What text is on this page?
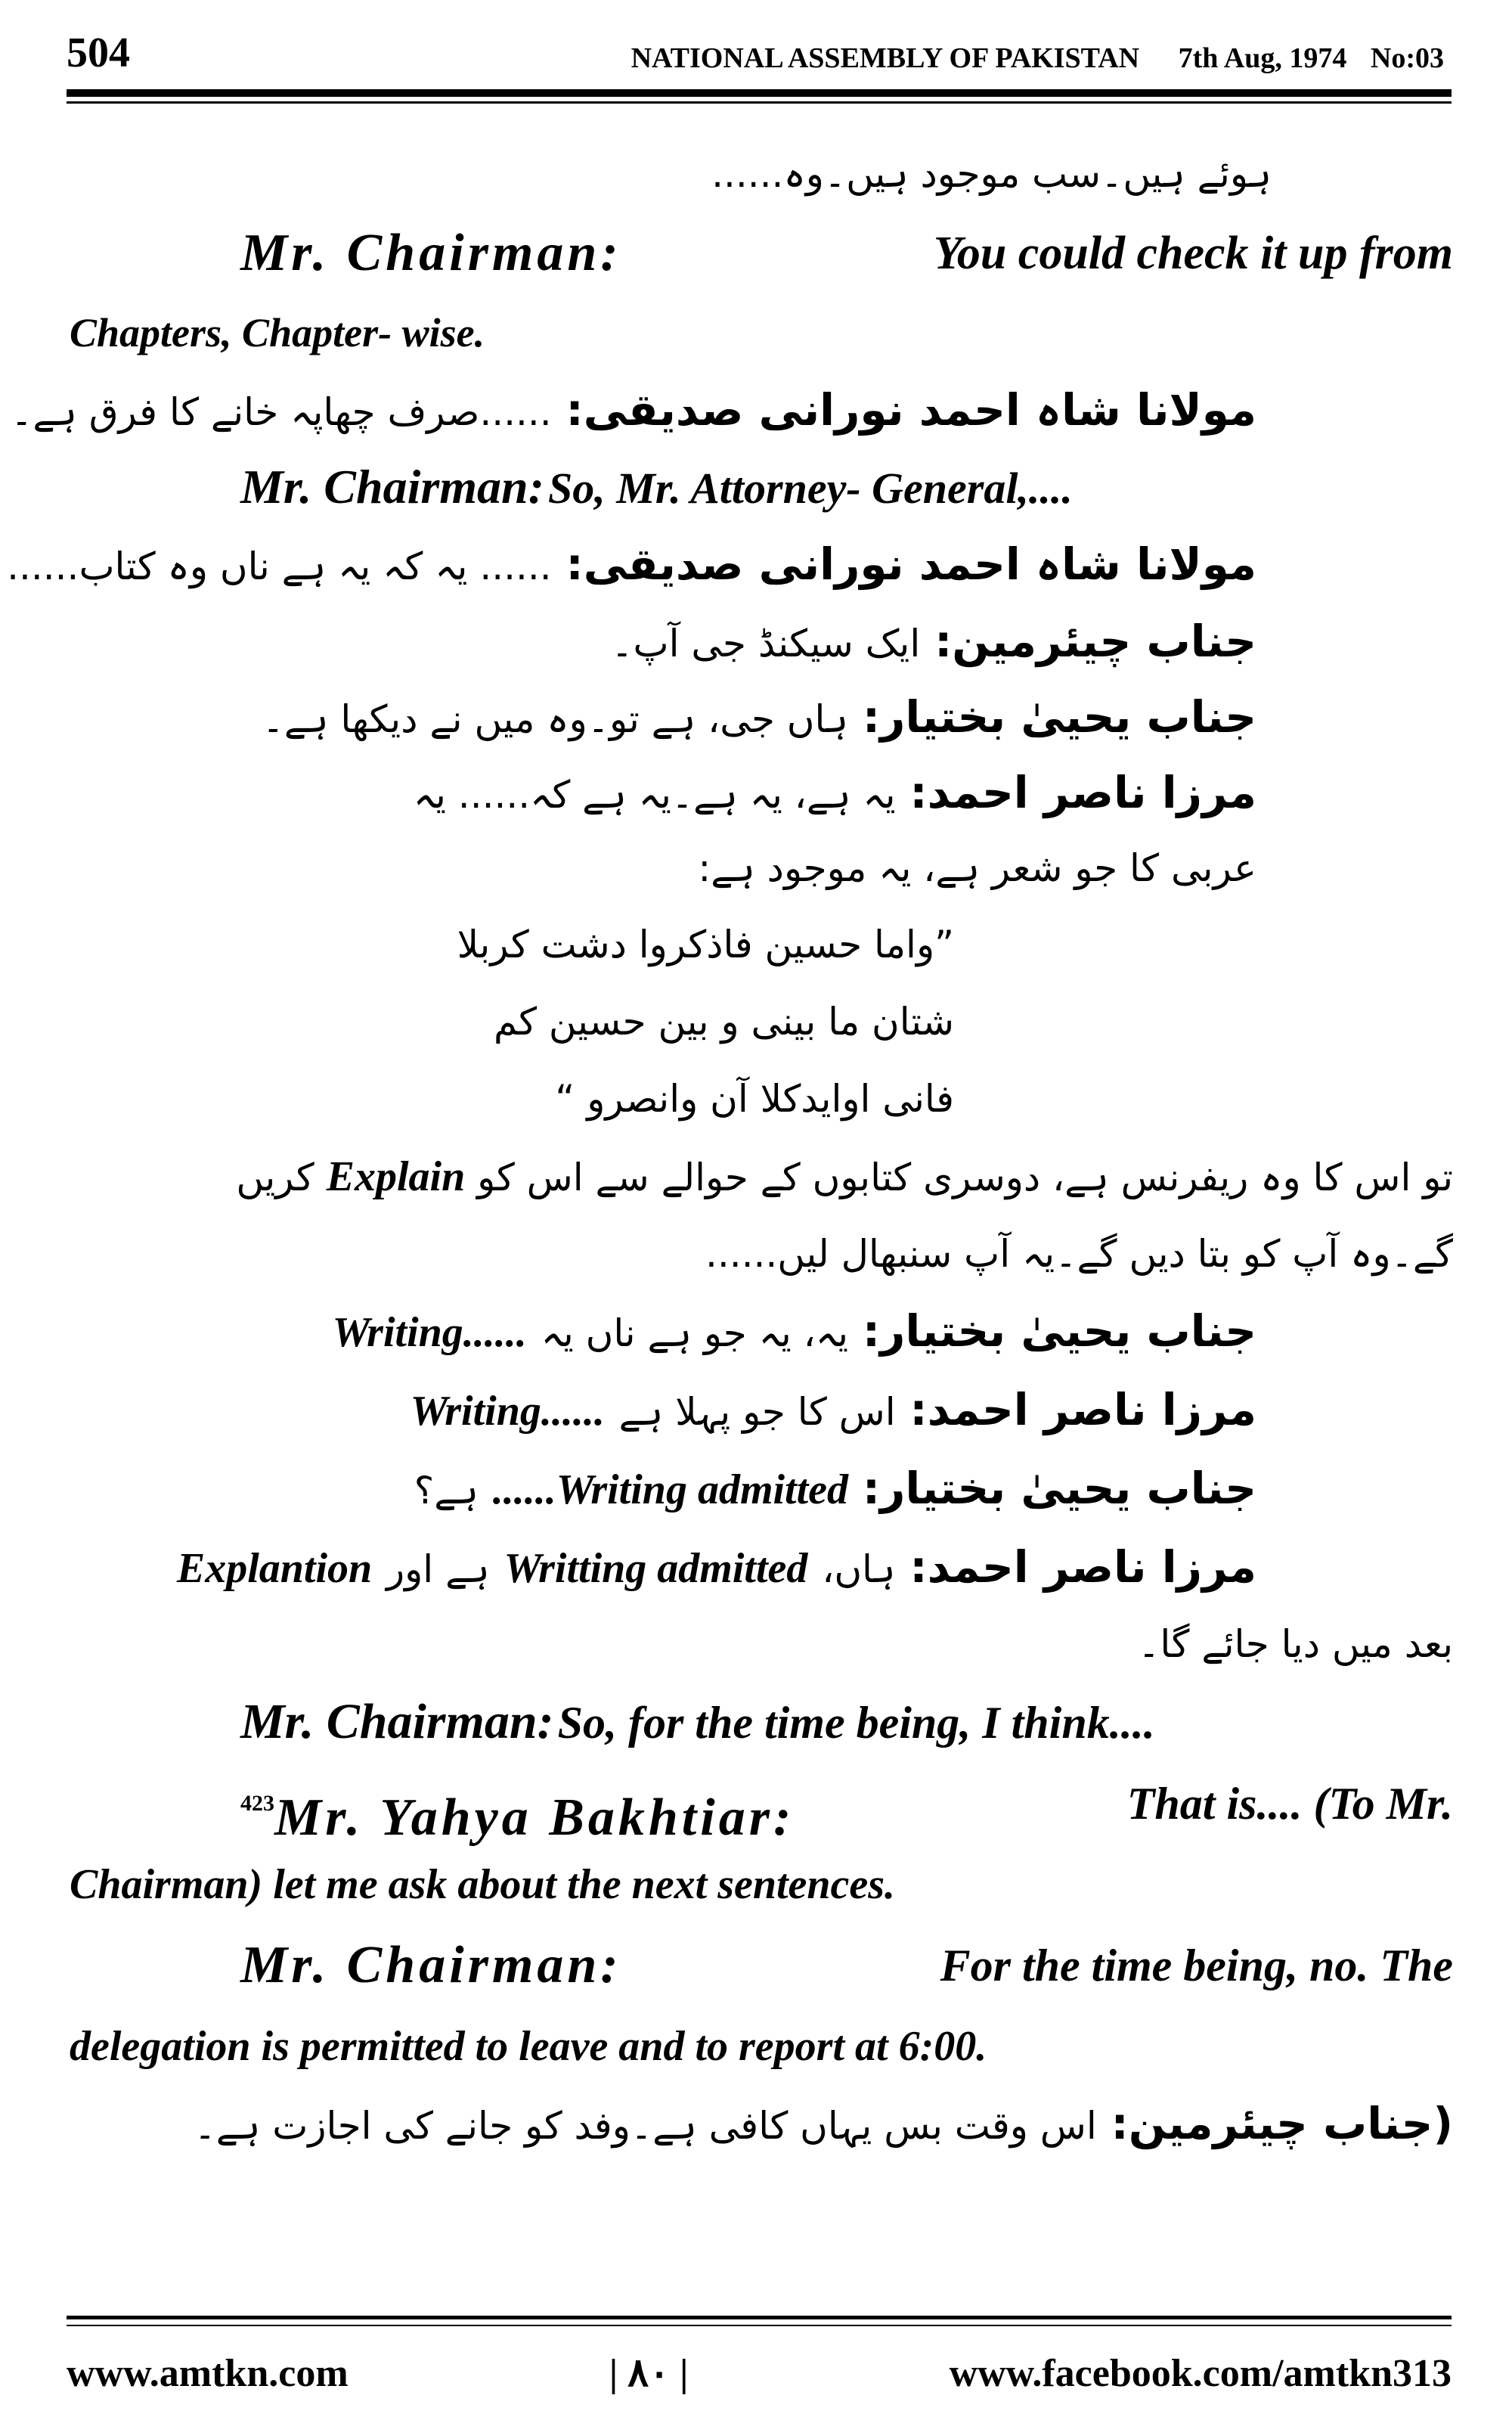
504	NATIONAL ASSEMBLY OF PAKISTAN 7th Aug, 1974 No:03
ہوئے ہیں۔سب موجود ہیں۔وہ......
Mr. Chairman:	You could check it up from
Chapters, Chapter- wise.
مولانا شاہ احمد نورانی صدیقی: ......صرف چھاپہ خانے کا فرق ہے۔
Mr. Chairman: So, Mr. Attorney- General,....
مولانا شاہ احمد نورانی صدیقی: ...... یہ کہ یہ ہے ناں وہ کتاب......
جناب چیئرمین: ایک سیکنڈ جی آپ۔
جناب یحییٰ بختیار: ہاں جی، ہے تو۔وہ میں نے دیکھا ہے۔
مرزا ناصر احمد: یہ ہے، یہ ہے۔یہ ہے کہ...... یہ
عربی کا جو شعر ہے، یہ موجود ہے:
”واما حسین فاذکروا دشت کربلا
شتان ما بینی و بین حسین کم
فانی اوایدکلا آن وانصرو “
تو اس کا وہ ریفرنس ہے، دوسری کتابوں کے حوالے سے اس کو Explain کریں
گے۔وہ آپ کو بتا دیں گے۔یہ آپ سنبھال لیں......
جناب یحییٰ بختیار: یہ، یہ جو ہے ناں یہ Writing......
مرزا ناصر احمد: اس کا جو پہلا ہے Writing......
جناب یحییٰ بختیار: ......Writing admitted ہے؟
مرزا ناصر احمد: ہاں، Writting admitted ہے اور Explantion
بعد میں دیا جائے گا۔
Mr. Chairman: So, for the time being, I think....
423Mr. Yahya Bakhtiar:	That is.... (To Mr.
Chairman) let me ask about the next sentences.
Mr. Chairman:	For the time being, no. The
delegation is permitted to leave and to report at 6:00.
(جناب چیئرمین: اس وقت بس یہاں کافی ہے۔وفد کو جانے کی اجازت ہے۔
www.amtkn.com	| ۸۰ |	www.facebook.com/amtkn313
